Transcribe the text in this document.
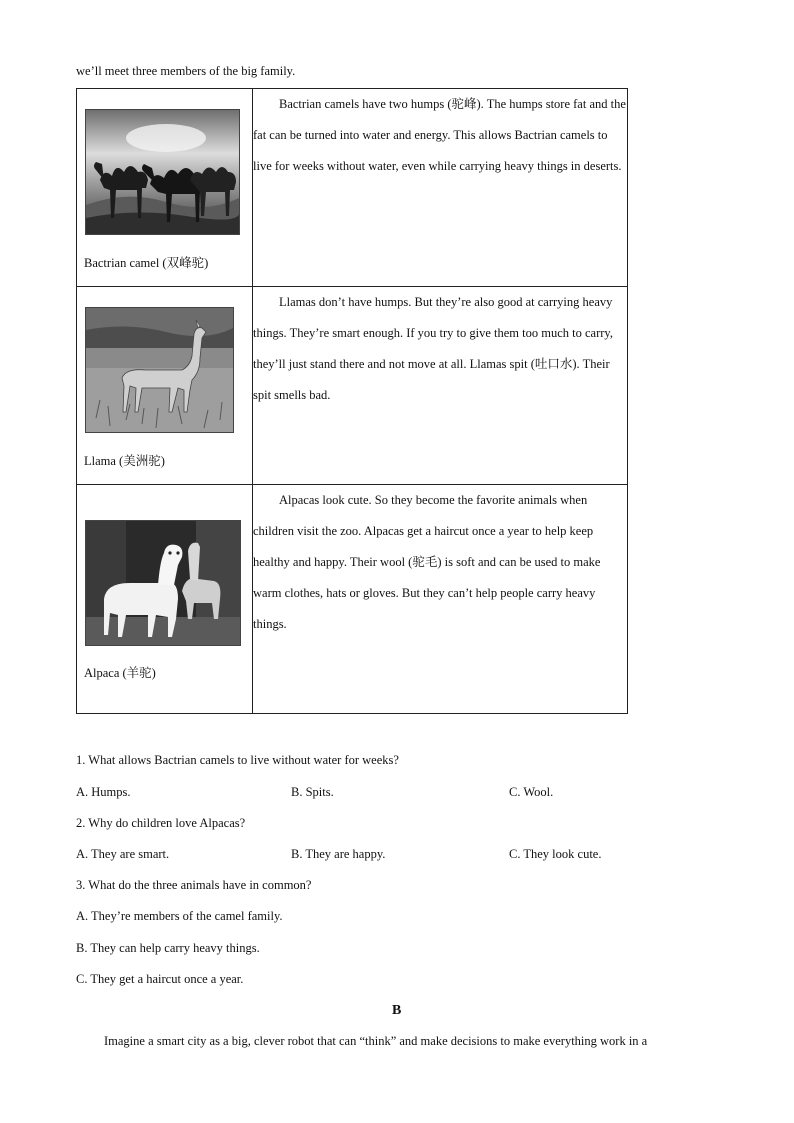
we’ll meet three members of the big family.
Bactrian camel (双峰驼)	Bactrian camels have two humps (驼峰). The humps store fat and the fat can be turned into water and energy. This allows Bactrian camels to live for weeks without water, even while carrying heavy things in deserts.

Llama (美洲驼)	Llamas don’t have humps. But they’re also good at carrying heavy things. They’re smart enough. If you try to give them too much to carry, they’ll just stand there and not move at all. Llamas spit (吐口水). Their spit smells bad.

Alpaca (羊驼)	Alpacas look cute. So they become the favorite animals when children visit the zoo. Alpacas get a haircut once a year to help keep healthy and happy. Their wool (驼毛) is soft and can be used to make warm clothes, hats or gloves. But they can’t help people carry heavy things.

1. What allows Bactrian camels to live without water for weeks?
A. Humps.	B. Spits.	C. Wool.
2. Why do children love Alpacas?
A. They are smart.	B. They are happy.	C. They look cute.
3. What do the three animals have in common?
A. They’re members of the camel family.
B. They can help carry heavy things.
C. They get a haircut once a year.
B
Imagine a smart city as a big, clever robot that can “think” and make decisions to make everything work in a
